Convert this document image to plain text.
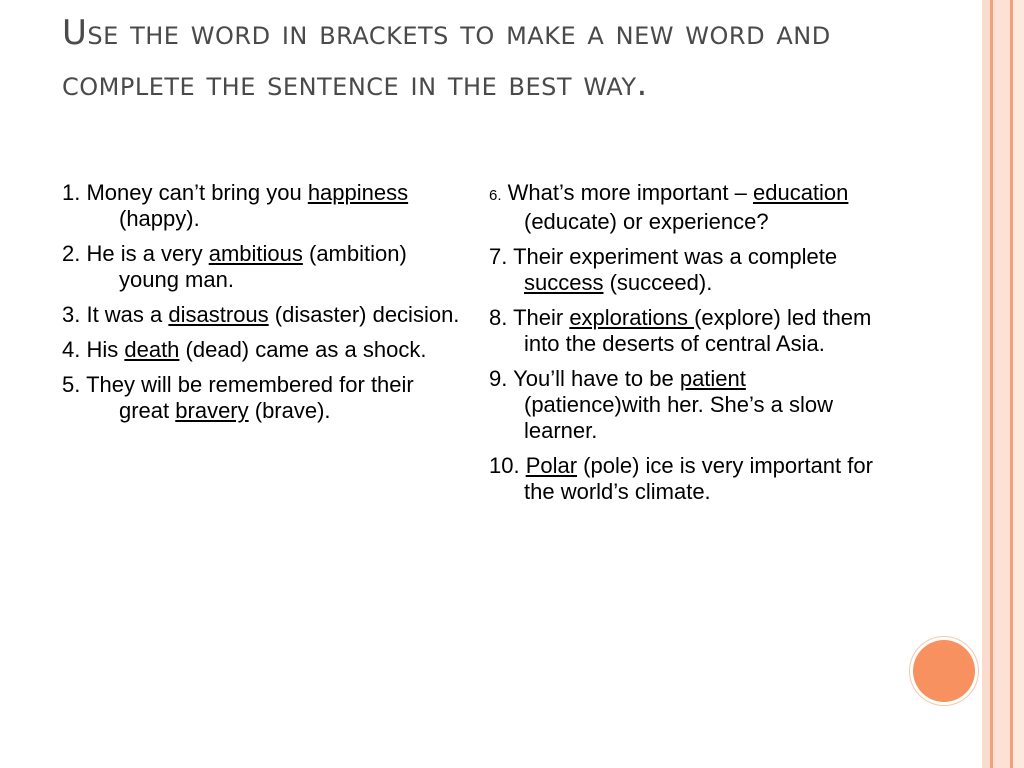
Use the word in brackets to make a new word and complete the sentence in the best way.
1. Money can’t bring you happiness (happy).
2. He is a very ambitious (ambition) young man.
3. It was a disastrous (disaster) decision.
4. His death (dead) came as a shock.
5. They will be remembered for their great bravery (brave).
6. What’s more important – education (educate) or experience?
7. Their experiment was a complete success (succeed).
8. Their explorations (explore) led them into the deserts of central Asia.
9. You’ll have to be patient (patience)with her. She’s a slow learner.
10. Polar (pole) ice is very important for the world’s climate.
